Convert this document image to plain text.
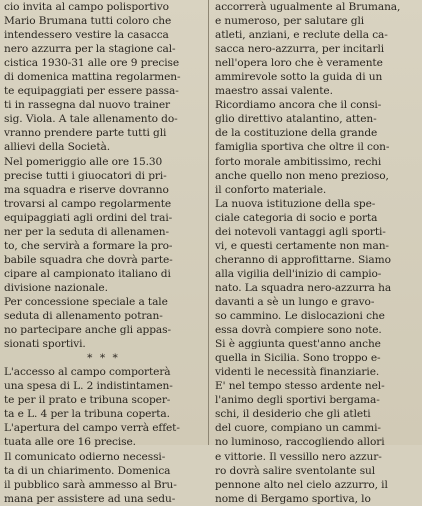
cio invita al campo polisportivo
Mario Brumana tutti coloro che
intendessero vestire la casacca
nero azzurra per la stagione cal-
cistica 1930-31 alle ore 9 precise
di domenica mattina regolarmen-
te equipaggiati per essere passa-
ti in rassegna dal nuovo trainer
sig. Viola. A tale allenamento do-
vranno prendere parte tutti gli
allievi della Società.
Nel pomeriggio alle ore 15.30
precise tutti i giuocatori di pri-
ma squadra e riserve dovranno
trovarsi al campo regolarmente
equipaggiati agli ordini del trai-
ner per la seduta di allenamen-
to, che servirà a formare la pro-
babile squadra che dovrà parte-
cipare al campionato italiano di
divisione nazionale.
Per concessione speciale a tale
seduta di allenamento potran-
no partecipare anche gli appas-
sionati sportivi.
* * *
L'accesso al campo comporterà
una spesa di L. 2 indistintamen-
te per il prato e tribuna scoper-
ta e L. 4 per la tribuna coperta.
L'apertura del campo verrà effet-
tuata alle ore 16 precise.
Il comunicato odierno necessi-
ta di un chiarimento. Domenica
il pubblico sarà ammesso al Bru-
mana per assistere ad una sedu-
accorrerà ugualmente al Brumana,
e numeroso, per salutare gli
atleti, anziani, e reclute della ca-
sacca nero-azzurra, per incitarli
nell'opera loro che è veramente
ammirevole sotto la guida di un
maestro assai valente.
Ricordiamo ancora che il consi-
glio direttivo atalantino, atten-
de la costituzione della grande
famiglia sportiva che oltre il con-
forto morale ambitissimo, rechi
anche quello non meno prezioso,
il conforto materiale.
La nuova istituzione della spe-
ciale categoria di socio e porta
dei notevoli vantaggi agli sporti-
vi, e questi certamente non man-
cheranno di approfittarne. Siamo
alla vigilia dell'inizio di campio-
nato. La squadra nero-azzurra ha
davanti a sè un lungo e gravo-
so cammino. Le dislocazioni che
essa dovrà compiere sono note.
Si è aggiunta quest'anno anche
quella in Sicilia. Sono troppo e-
videnti le necessità finanziarie.
E' nel tempo stesso ardente nel-
l'animo degli sportivi bergama-
schi, il desiderio che gli atleti
del cuore, compiano un cammi-
no luminoso, raccogliendo allori
e vittorie. Il vessillo nero azzur-
ro dovrà salire sventolante sul
pennone alto nel cielo azzurro, il
nome di Bergamo sportiva, lo
